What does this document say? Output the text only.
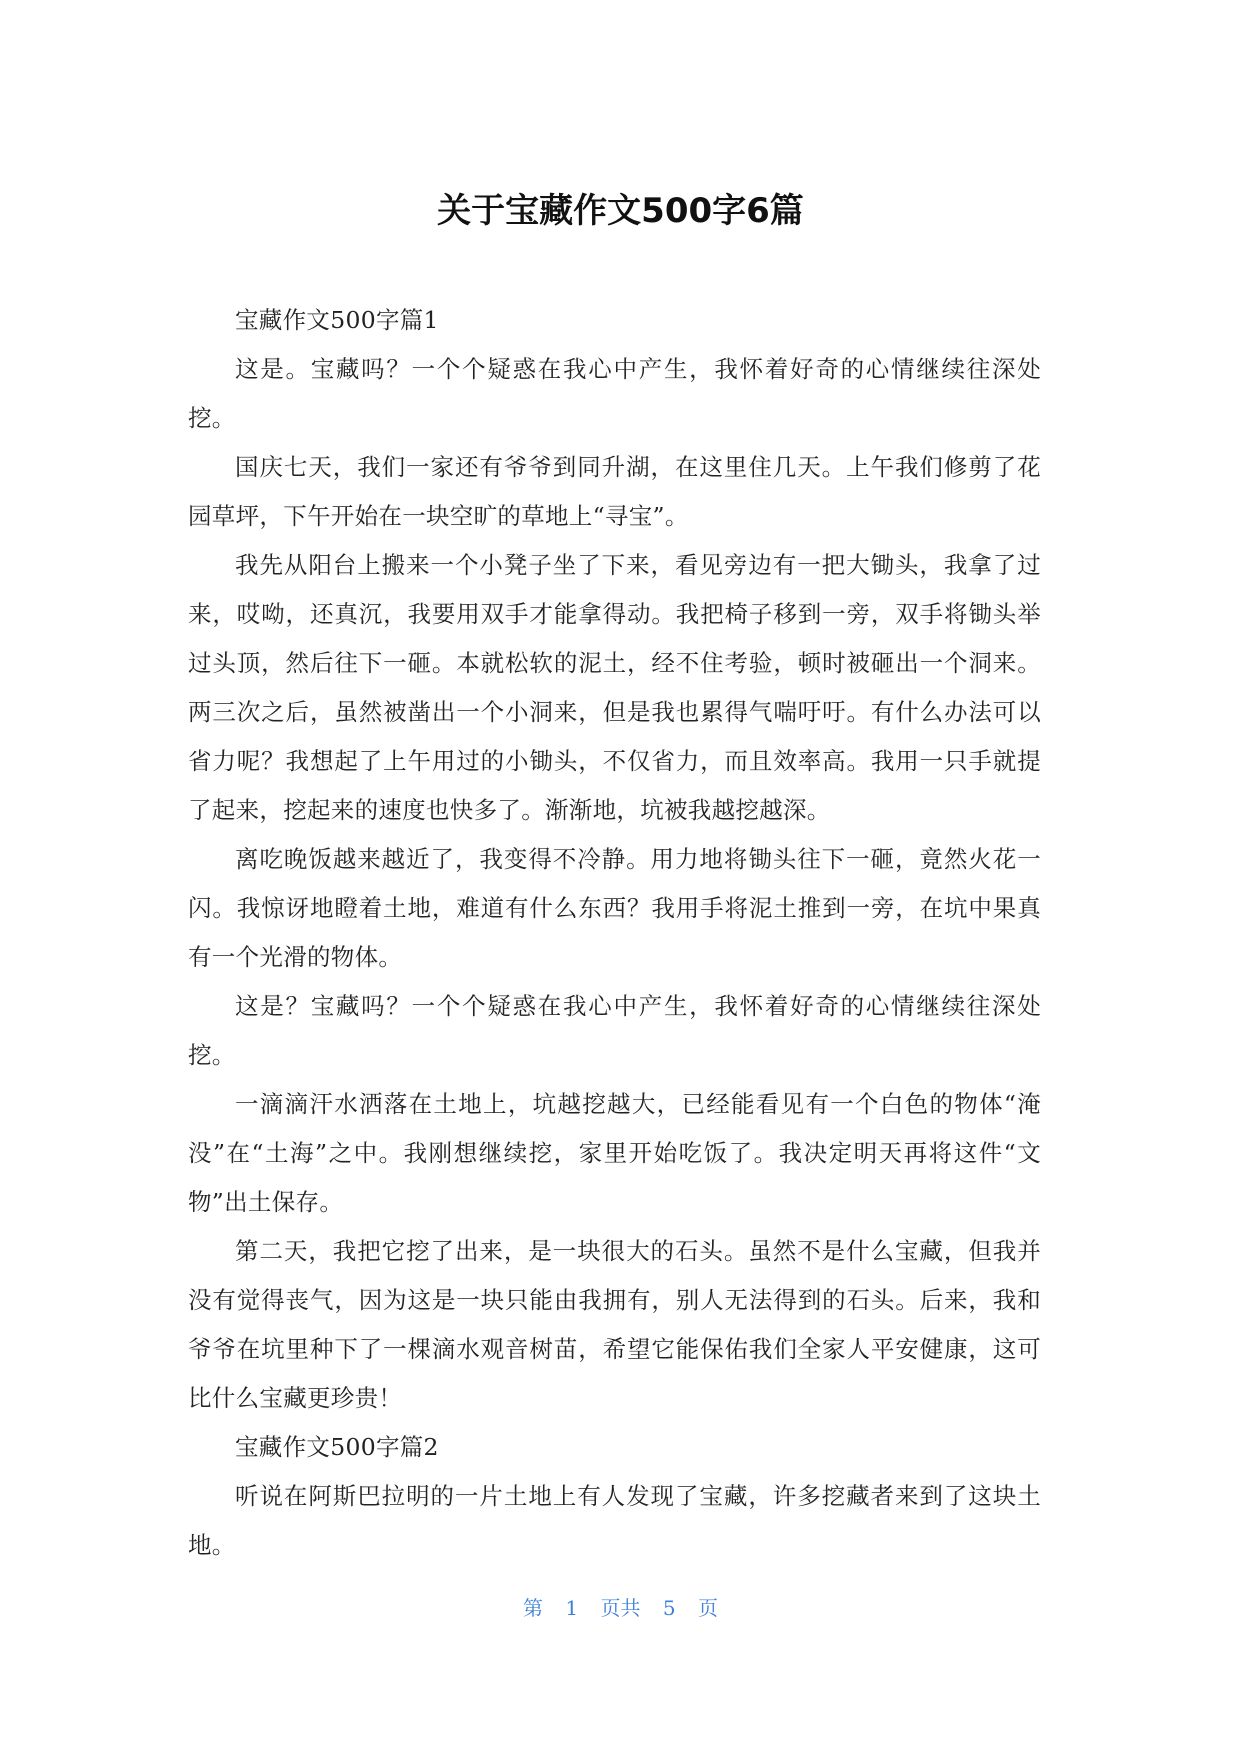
关于宝藏作文500字6篇

宝藏作文500字篇1

这是。宝藏吗？一个个疑惑在我心中产生，我怀着好奇的心情继续往深处挖。

国庆七天，我们一家还有爷爷到同升湖，在这里住几天。上午我们修剪了花园草坪，下午开始在一块空旷的草地上“寻宝”。

我先从阳台上搬来一个小凳子坐了下来，看见旁边有一把大锄头，我拿了过来，哎呦，还真沉，我要用双手才能拿得动。我把椅子移到一旁，双手将锄头举过头顶，然后往下一砸。本就松软的泥土，经不住考验，顿时被砸出一个洞来。两三次之后，虽然被凿出一个小洞来，但是我也累得气喘吁吁。有什么办法可以省力呢？我想起了上午用过的小锄头，不仅省力，而且效率高。我用一只手就提了起来，挖起来的速度也快多了。渐渐地，坑被我越挖越深。

离吃晚饭越来越近了，我变得不冷静。用力地将锄头往下一砸，竟然火花一闪。我惊讶地瞪着土地，难道有什么东西？我用手将泥土推到一旁，在坑中果真有一个光滑的物体。

这是？宝藏吗？一个个疑惑在我心中产生，我怀着好奇的心情继续往深处挖。

一滴滴汗水洒落在土地上，坑越挖越大，已经能看见有一个白色的物体“淹没”在“土海”之中。我刚想继续挖，家里开始吃饭了。我决定明天再将这件“文物”出土保存。

第二天，我把它挖了出来，是一块很大的石头。虽然不是什么宝藏，但我并没有觉得丧气，因为这是一块只能由我拥有，别人无法得到的石头。后来，我和爷爷在坑里种下了一棵滴水观音树苗，希望它能保佑我们全家人平安健康，这可比什么宝藏更珍贵！

宝藏作文500字篇2

听说在阿斯巴拉明的一片土地上有人发现了宝藏，许多挖藏者来到了这块土地。

第 1 页共 5 页
